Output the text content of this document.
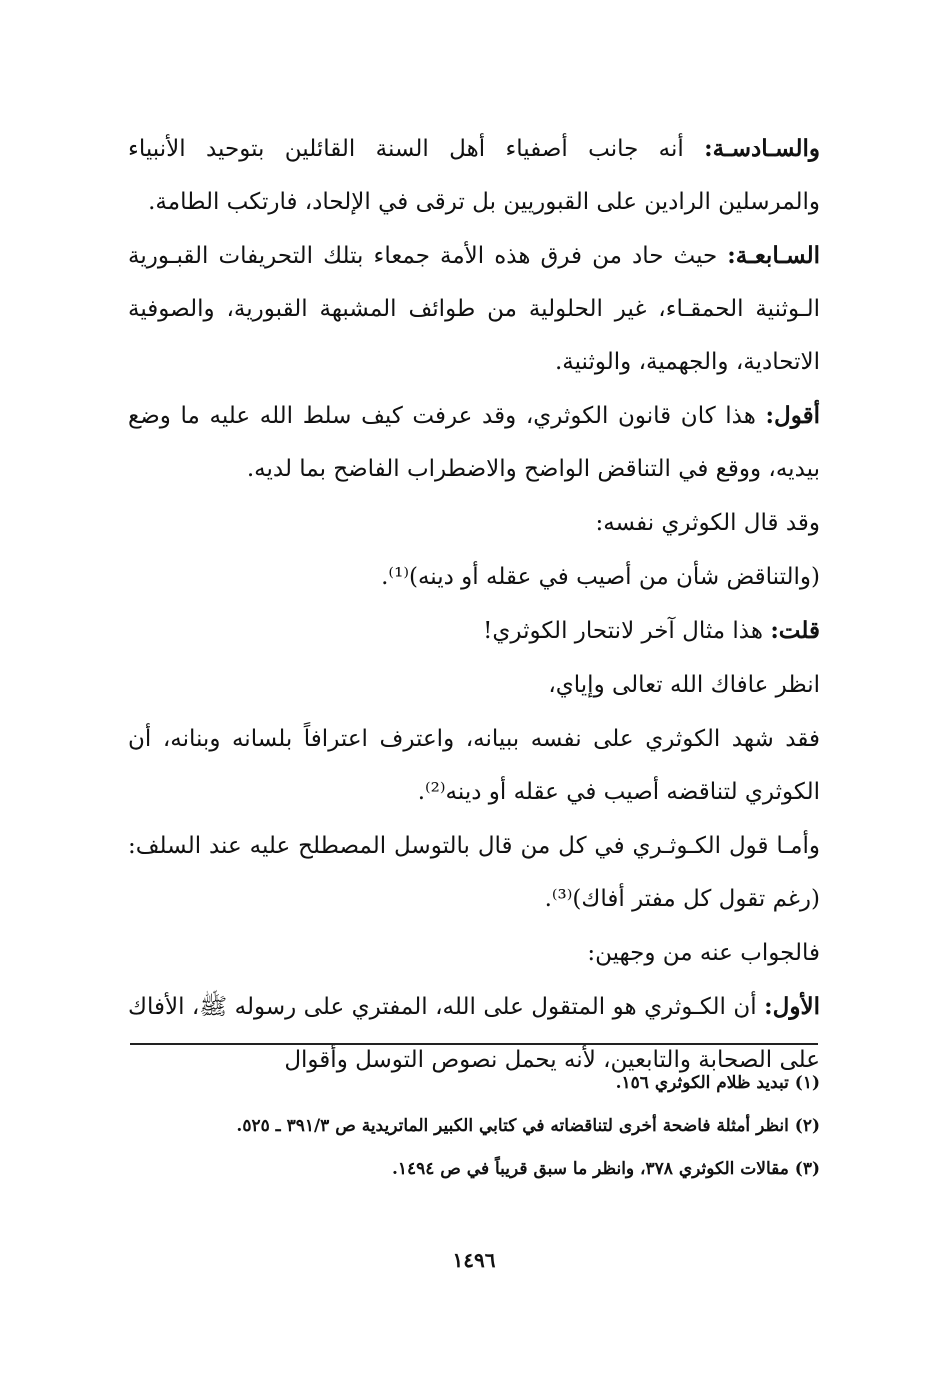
والسـادسـة: أنه جانب أصفياء أهل السنة القائلين بتوحيد الأنبياء والمرسلين الرادين على القبوريين بل ترقى في الإلحاد، فارتكب الطامة.

السـابعـة: حيث حاد من فرق هذه الأمة جمعاء بتلك التحريفات القبـورية الـوثنية الحمقـاء، غير الحلولية من طوائف المشبهة القبورية، والصوفية الاتحادية، والجهمية، والوثنية.

أقول: هذا كان قانون الكوثري، وقد عرفت كيف سلط الله عليه ما وضع بيديه، ووقع في التناقض الواضح والاضطراب الفاضح بما لديه.

وقد قال الكوثري نفسه:

(والتناقض شأن من أصيب في عقله أو دينه)⁽¹⁾.

قلت: هذا مثال آخر لانتحار الكوثري!

انظر عافاك الله تعالى وإياي،

فقد شهد الكوثري على نفسه ببيانه، واعترف اعترافاً بلسانه وبنانه، أن الكوثري لتناقضه أصيب في عقله أو دينه⁽²⁾.

وأمـا قول الكـوثـري في كل من قال بالتوسل المصطلح عليه عند السلف: (رغم تقول كل مفتر أفاك)⁽³⁾.

فالجواب عنه من وجهين:

الأول: أن الكـوثري هو المتقول على الله، المفتري على رسوله ﷺ، الأفاك على الصحابة والتابعين، لأنه يحمل نصوص التوسل وأقوال

(١) تبديد ظلام الكوثري ١٥٦.

(٢) انظر أمثلة فاضحة أخرى لتناقضاته في كتابي الكبير الماتريدية ص ٣٩١/٣ ـ ٥٢٥.

(٣) مقالات الكوثري ٣٧٨، وانظر ما سبق قريباً في ص ١٤٩٤.

١٤٩٦
